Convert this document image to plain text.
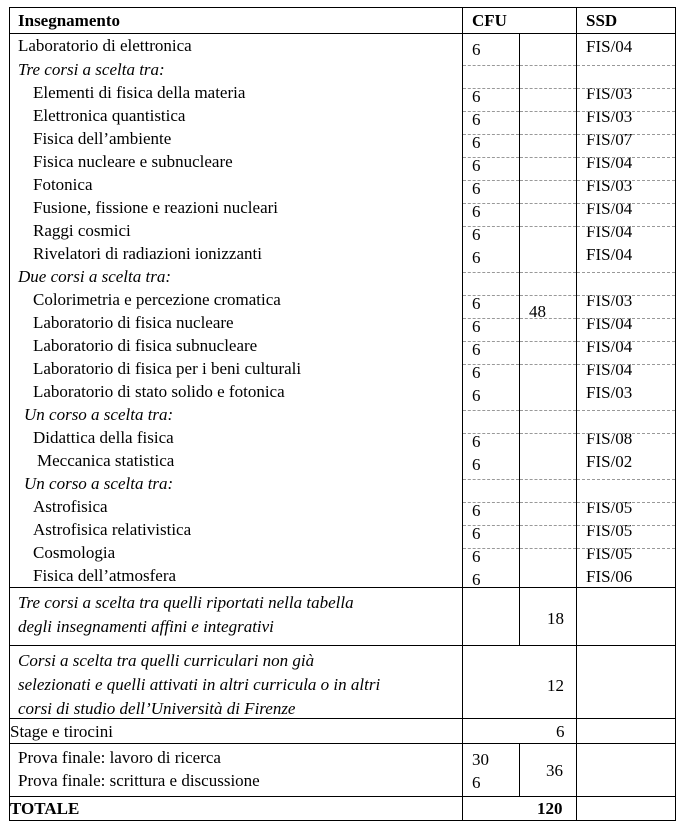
Insegnamento	CFU	SSD
Laboratorio di elettronica	6	FIS/04
Tre corsi a scelta tra:
Elementi di fisica della materia	6	FIS/03
Elettronica quantistica	6	FIS/03
Fisica dell’ambiente	6	FIS/07
Fisica nucleare e subnucleare	6	FIS/04
Fotonica	6	FIS/03
Fusione, fissione e reazioni nucleari	6	FIS/04
Raggi cosmici	6	FIS/04
Rivelatori di radiazioni ionizzanti	6	FIS/04
Due corsi a scelta tra:
Colorimetria e percezione cromatica	6	FIS/03
Laboratorio di fisica nucleare	6	FIS/04
Laboratorio di fisica subnucleare	6	FIS/04
Laboratorio di fisica per i beni culturali	6	FIS/04
Laboratorio di stato solido e fotonica	6	FIS/03
Un corso a scelta tra:
Didattica della fisica	6	FIS/08
Meccanica statistica	6	FIS/02
Un corso a scelta tra:
Astrofisica	6	FIS/05
Astrofisica relativistica	6	FIS/05
Cosmologia	6	FIS/05
Fisica dell’atmosfera	6	FIS/06
48
Tre corsi a scelta tra quelli riportati nella tabella
degli insegnamenti affini e integrativi	18
Corsi a scelta tra quelli curriculari non già
selezionati e quelli attivati in altri curricula o in altri
corsi di studio dell’Università di Firenze
12
Stage e tirocini	6
Prova finale: lavoro di ricerca	30
Prova finale: scrittura e discussione	6
36
TOTALE	120
